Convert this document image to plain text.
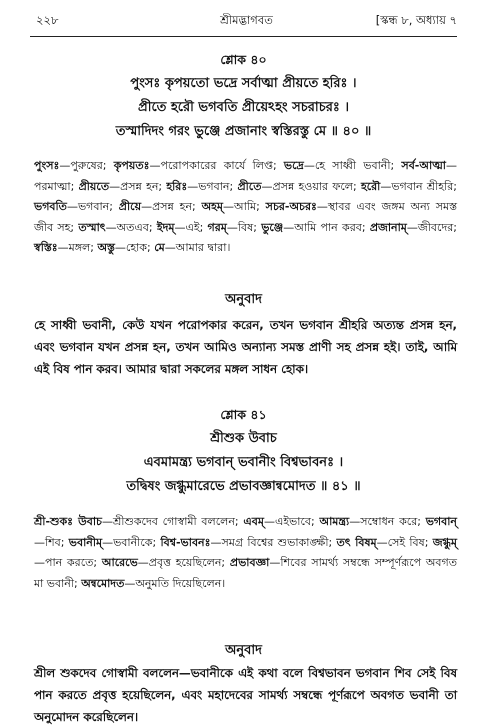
২২৮	শ্রীমদ্ভাগবত	[স্কন্ধ ৮, অধ্যায় ৭
শ্লোক ৪০
পুংসঃ কৃপয়তো ভদ্রে সর্বাত্মা প্রীয়তে হরিঃ ।
প্রীতে হরৌ ভগবতি প্রীয়েঽহং সচরাচরঃ ।
তস্মাদিদং গরং ভুঞ্জে প্রজানাং স্বস্তিরস্তু মে ॥ ৪০ ॥
পুংসঃ—পুরুষের; কৃপয়তঃ—পরোপকারের কার্যে লিপ্ত; ভদ্রে—হে সাধ্বী ভবানী; সর্ব-আত্মা—পরমাত্মা; প্রীয়তে—প্রসন্ন হন; হরিঃ—ভগবান; প্রীতে—প্রসন্ন হওয়ার ফলে; হরৌ—ভগবান শ্রীহরি; ভগবতি—ভগবান; প্রীয়ে—প্রসন্ন হন; অহম্—আমি; সচর-অচরঃ—স্থাবর এবং জঙ্গম অন্য সমস্ত জীব সহ; তস্মাৎ—অতএব; ইদম্—এই; গরম্—বিষ; ভুঞ্জে—আমি পান করব; প্রজানাম্—জীবদের; স্বস্তিঃ—মঙ্গল; অস্তু—হোক; মে—আমার দ্বারা।
অনুবাদ
হে সাধ্বী ভবানী, কেউ যখন পরোপকার করেন, তখন ভগবান শ্রীহরি অত্যন্ত প্রসন্ন হন, এবং ভগবান যখন প্রসন্ন হন, তখন আমিও অন্যান্য সমস্ত প্রাণী সহ প্রসন্ন হই। তাই, আমি এই বিষ পান করব। আমার দ্বারা সকলের মঙ্গল সাধন হোক।
শ্লোক ৪১
শ্রীশুক উবাচ
এবমামন্ত্র্য ভগবান্ ভবানীং বিশ্বভাবনঃ ।
তদ্বিষং জগ্ধুমারেভে প্রভাবজ্ঞান্বমোদত ॥ ৪১ ॥
শ্রী-শুকঃ উবাচ—শ্রীশুকদেব গোস্বামী বললেন; এবম্—এইভাবে; আমন্ত্র্য—সম্বোধন করে; ভগবান্—শিব; ভবানীম্—ভবানীকে; বিশ্ব-ভাবনঃ—সমগ্র বিশ্বের শুভাকাঙ্ক্ষী; তৎ বিষম্—সেই বিষ; জগ্ধুম্—পান করতে; আরেভে—প্রবৃত্ত হয়েছিলেন; প্রভাবজ্ঞা—শিবের সামর্থ্য সম্বন্ধে সম্পূর্ণরূপে অবগত মা ভবানী; অন্বমোদত—অনুমতি দিয়েছিলেন।
অনুবাদ
শ্রীল শুকদেব গোস্বামী বললেন—ভবানীকে এই কথা বলে বিশ্বভাবন ভগবান শিব সেই বিষ পান করতে প্রবৃত্ত হয়েছিলেন, এবং মহাদেবের সামর্থ্য সম্বন্ধে পূর্ণরূপে অবগত ভবানী তা অনুমোদন করেছিলেন।
